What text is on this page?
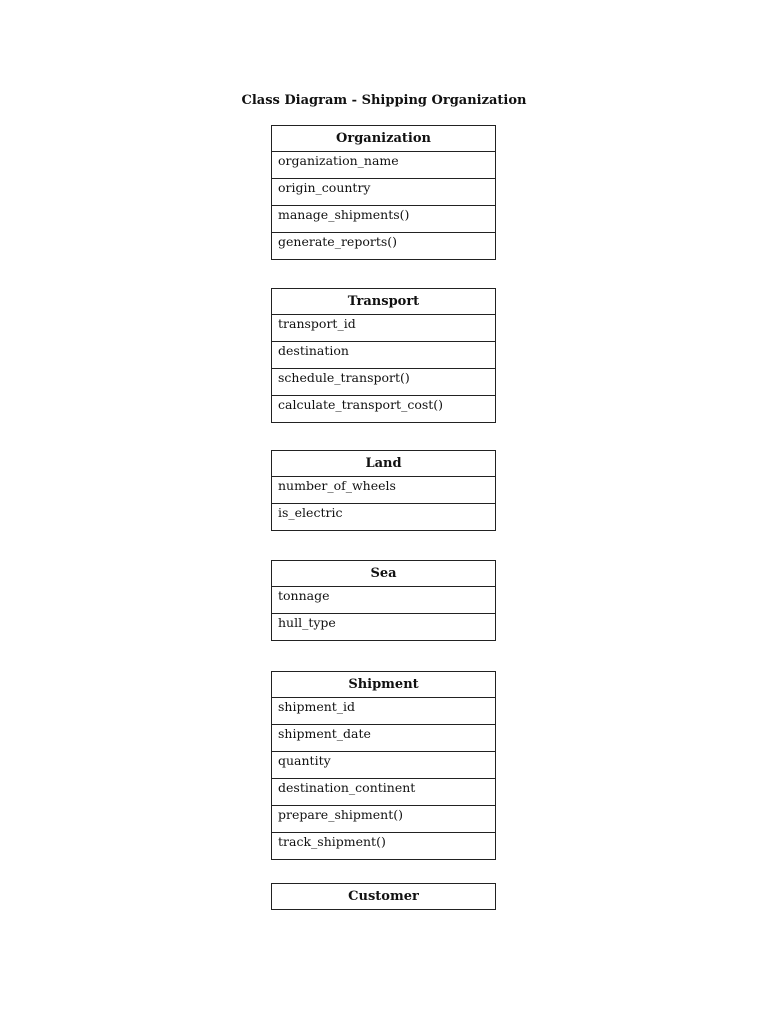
Class Diagram - Shipping Organization
Organization
organization_name
origin_country
manage_shipments()
generate_reports()
Transport
transport_id
destination
schedule_transport()
calculate_transport_cost()
Land
number_of_wheels
is_electric
Sea
tonnage
hull_type
Shipment
shipment_id
shipment_date
quantity
destination_continent
prepare_shipment()
track_shipment()
Customer
